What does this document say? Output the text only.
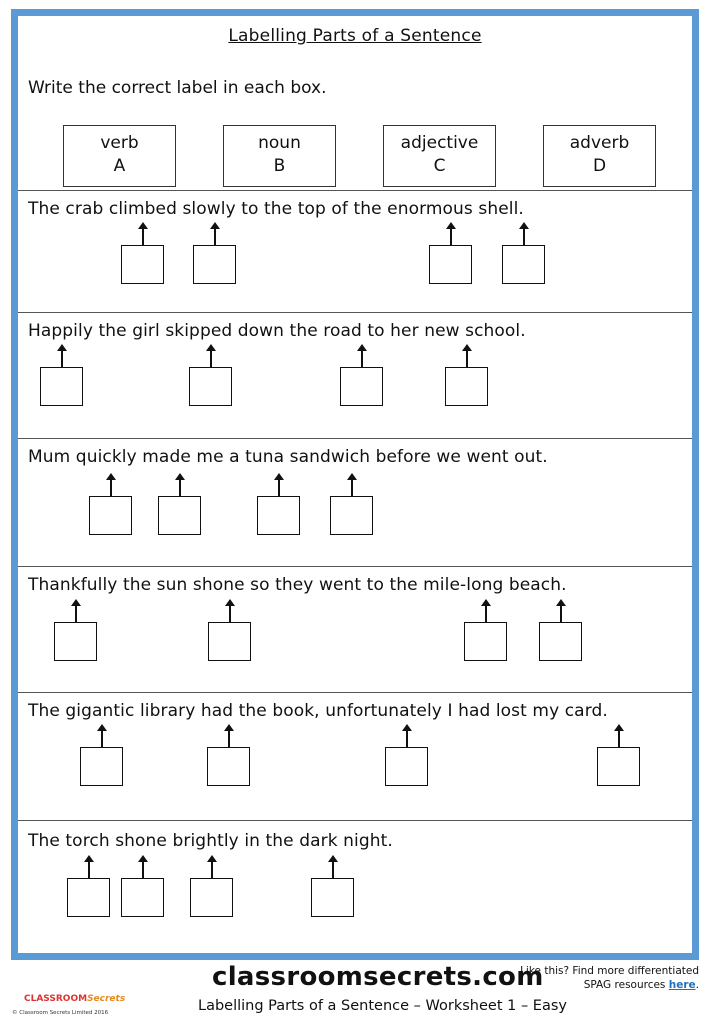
Labelling Parts of a Sentence
Write the correct label in each box.
verb
A
noun
B
adjective
C
adverb
D
The crab climbed slowly to the top of the enormous shell.
Happily the girl skipped down the road to her new school.
Mum quickly made me a tuna sandwich before we went out.
Thankfully the sun shone so they went to the mile-long beach.
The gigantic library had the book, unfortunately I had lost my card.
The torch shone brightly in the dark night.
classroomsecrets.com
Like this? Find more differentiated
SPAG resources here.
CLASSROOMSecrets
© Classroom Secrets Limited 2016	Labelling Parts of a Sentence – Worksheet 1 – Easy
